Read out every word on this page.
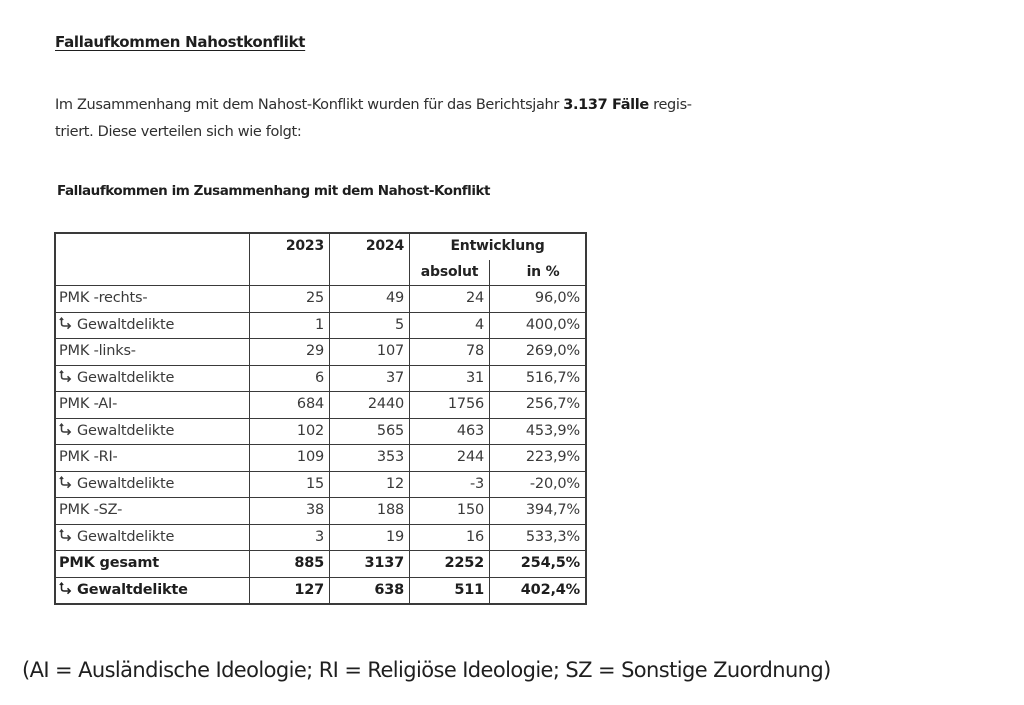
Fallaufkommen Nahostkonflikt
Im Zusammenhang mit dem Nahost-Konflikt wurden für das Berichtsjahr 3.137 Fälle regis-
triert. Diese verteilen sich wie folgt:
Fallaufkommen im Zusammenhang mit dem Nahost-Konflikt
	2023	2024	Entwicklung	
			absolut	in %
PMK -rechts-	25	49	24	96,0%

Gewaltdelikte	1	5	4	400,0%
PMK -links-	29	107	78	269,0%

Gewaltdelikte	6	37	31	516,7%
PMK -AI-	684	2440	1756	256,7%

Gewaltdelikte	102	565	463	453,9%
PMK -RI-	109	353	244	223,9%

Gewaltdelikte	15	12	-3	-20,0%
PMK -SZ-	38	188	150	394,7%

Gewaltdelikte	3	19	16	533,3%
PMK gesamt	885	3137	2252	254,5%

Gewaltdelikte	127	638	511	402,4%
(AI = Ausländische Ideologie; RI = Religiöse Ideologie; SZ = Sonstige Zuordnung)
